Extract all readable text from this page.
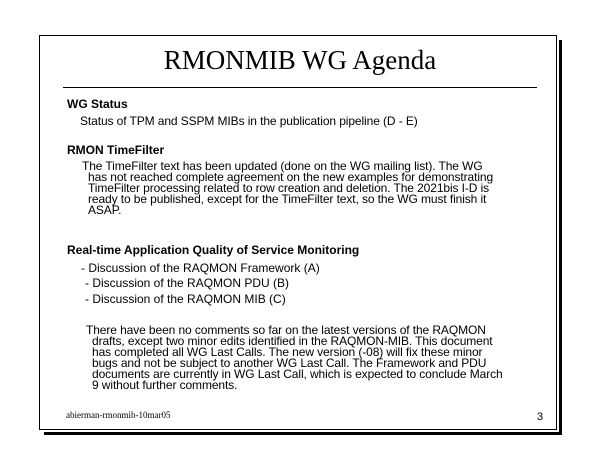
RMONMIB WG Agenda
WG Status
Status of TPM and SSPM MIBs in the publication pipeline (D - E)
RMON TimeFilter
The TimeFilter text has been updated (done on the WG mailing list). The WG
has not reached complete agreement on the new examples for demonstrating
TimeFilter processing related to row creation and deletion. The 2021bis I-D is
ready to be published, except for the TimeFilter text, so the WG must finish it
ASAP.
Real-time Application Quality of Service Monitoring
- Discussion of the RAQMON Framework (A)
- Discussion of the RAQMON PDU (B)
- Discussion of the RAQMON MIB (C)
There have been no comments so far on the latest versions of the RAQMON
drafts, except two minor edits identified in the RAQMON-MIB. This document
has completed all WG Last Calls. The new version (-08) will fix these minor
bugs and not be subject to another WG Last Call. The Framework and PDU
documents are currently in WG Last Call, which is expected to conclude March
9 without further comments.
abierman-rmonmib-10mar05	3
